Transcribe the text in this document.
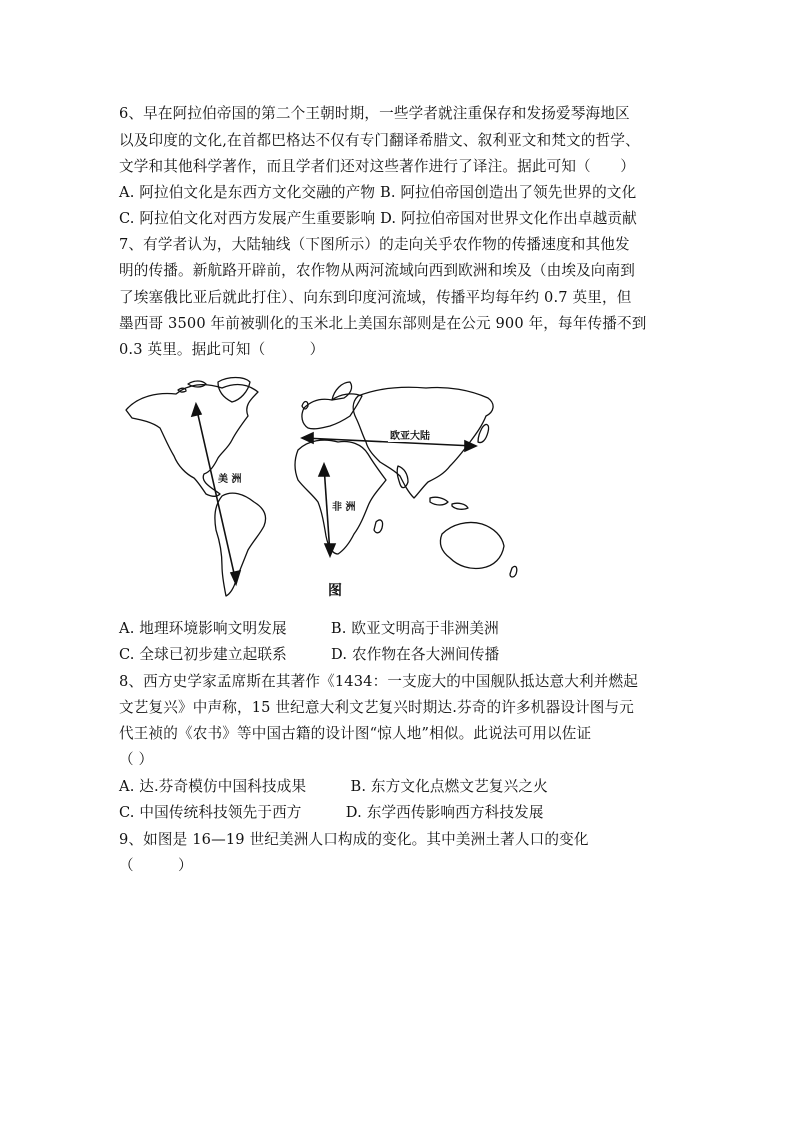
6、早在阿拉伯帝国的第二个王朝时期，一些学者就注重保存和发扬爱琴海地区
以及印度的文化,在首都巴格达不仅有专门翻译希腊文、叙利亚文和梵文的哲学、
文学和其他科学著作，而且学者们还对这些著作进行了译注。据此可知（　　）
A. 阿拉伯文化是东西方文化交融的产物 B. 阿拉伯帝国创造出了领先世界的文化
C. 阿拉伯文化对西方发展产生重要影响 D. 阿拉伯帝国对世界文化作出卓越贡献
7、有学者认为，大陆轴线（下图所示）的走向关乎农作物的传播速度和其他发
明的传播。新航路开辟前，农作物从两河流域向西到欧洲和埃及（由埃及向南到
了埃塞俄比亚后就此打住）、向东到印度河流域，传播平均每年约 0.7 英里，但
墨西哥 3500 年前被驯化的玉米北上美国东部则是在公元 900 年，每年传播不到
0.3 英里。据此可知（　　　）
欧亚大陆
美 洲
非 洲
图
A. 地理环境影响文明发展　　　B. 欧亚文明高于非洲美洲
C. 全球已初步建立起联系　　　D. 农作物在各大洲间传播
8、西方史学家孟席斯在其著作《1434：一支庞大的中国舰队抵达意大利并燃起
文艺复兴》中声称，15 世纪意大利文艺复兴时期达.芬奇的许多机器设计图与元
代王祯的《农书》等中国古籍的设计图“惊人地”相似。此说法可用以佐证
（ ）
A. 达.芬奇模仿中国科技成果　　　B. 东方文化点燃文艺复兴之火
C. 中国传统科技领先于西方　　　D. 东学西传影响西方科技发展
9、如图是 16—19 世纪美洲人口构成的变化。其中美洲土著人口的变化
（　　　）
